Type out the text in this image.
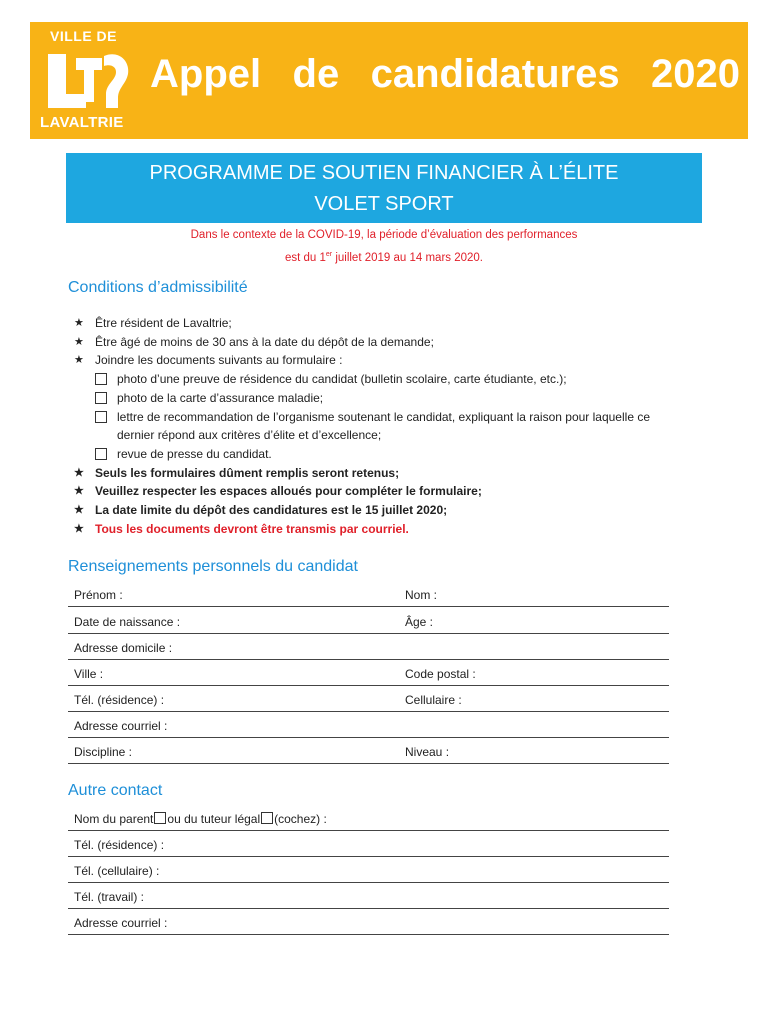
VILLE DE
LAVALTRIE
Appel de candidatures 2020
PROGRAMME DE SOUTIEN FINANCIER À L’ÉLITE
VOLET SPORT
Dans le contexte de la COVID-19, la période d’évaluation des performances
est du 1er juillet 2019 au 14 mars 2020.
Conditions d’admissibilité
★ Être résident de Lavaltrie;
★ Être âgé de moins de 30 ans à la date du dépôt de la demande;
★ Joindre les documents suivants au formulaire :
photo d’une preuve de résidence du candidat (bulletin scolaire, carte étudiante, etc.);
photo de la carte d’assurance maladie;
lettre de recommandation de l’organisme soutenant le candidat, expliquant la raison pour laquelle ce
dernier répond aux critères d’élite et d’excellence;
revue de presse du candidat.
★ Seuls les formulaires dûment remplis seront retenus;
★ Veuillez respecter les espaces alloués pour compléter le formulaire;
★ La date limite du dépôt des candidatures est le 15 juillet 2020;
★ Tous les documents devront être transmis par courriel.
Renseignements personnels du candidat
Prénom :	Nom :
Date de naissance :	Âge :
Adresse domicile :
Ville :	Code postal :
Tél. (résidence) :	Cellulaire :
Adresse courriel :
Discipline :	Niveau :
Autre contact
Nom du parent ou du tuteur légal (cochez) :
Tél. (résidence) :
Tél. (cellulaire) :
Tél. (travail) :
Adresse courriel :
